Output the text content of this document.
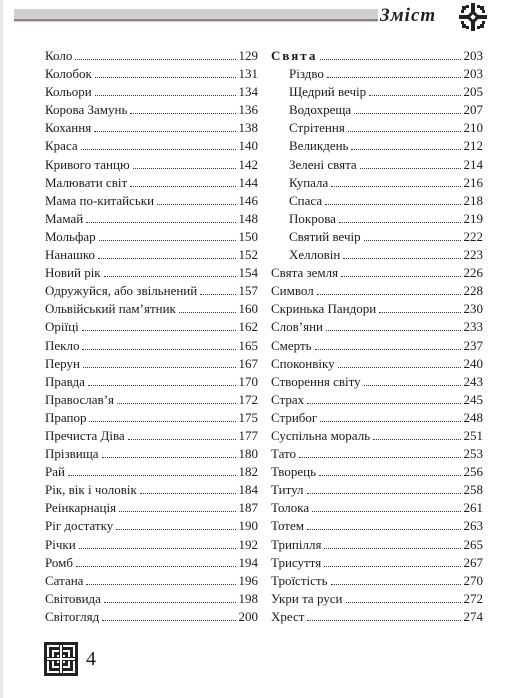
Зміст
Коло	129
Колобок	131
Кольори	134
Корова Замунь	136
Кохання	138
Краса	140
Кривого танцю	142
Малювати світ	144
Мама по-китайськи	146
Мамай	148
Мольфар	150
Нанашко	152
Новий рік	154
Одружуйся, або звільнений	157
Ольвійський пам’ятник	160
Оріїці	162
Пекло	165
Перун	167
Правда	170
Православ’я	172
Прапор	175
Пречиста Діва	177
Прізвища	180
Рай	182
Рік, вік і чоловік	184
Реінкарнація	187
Ріг достатку	190
Річки	192
Ромб	194
Сатана	196
Світовида	198
Світогляд	200
Свята	203
Різдво	203
Щедрий вечір	205
Водохреща	207
Стрітення	210
Великдень	212
Зелені свята	214
Купала	216
Спаса	218
Покрова	219
Святий вечір	222
Хелловін	223
Свята земля	226
Символ	228
Скринька Пандори	230
Слов’яни	233
Смерть	237
Споконвіку	240
Створення світу	243
Страх	245
Стрибог	248
Суспільна мораль	251
Тато	253
Творець	256
Титул	258
Толока	261
Тотем	263
Трипілля	265
Трисуття	267
Троїстість	270
Укри та руси	272
Хрест	274
4
